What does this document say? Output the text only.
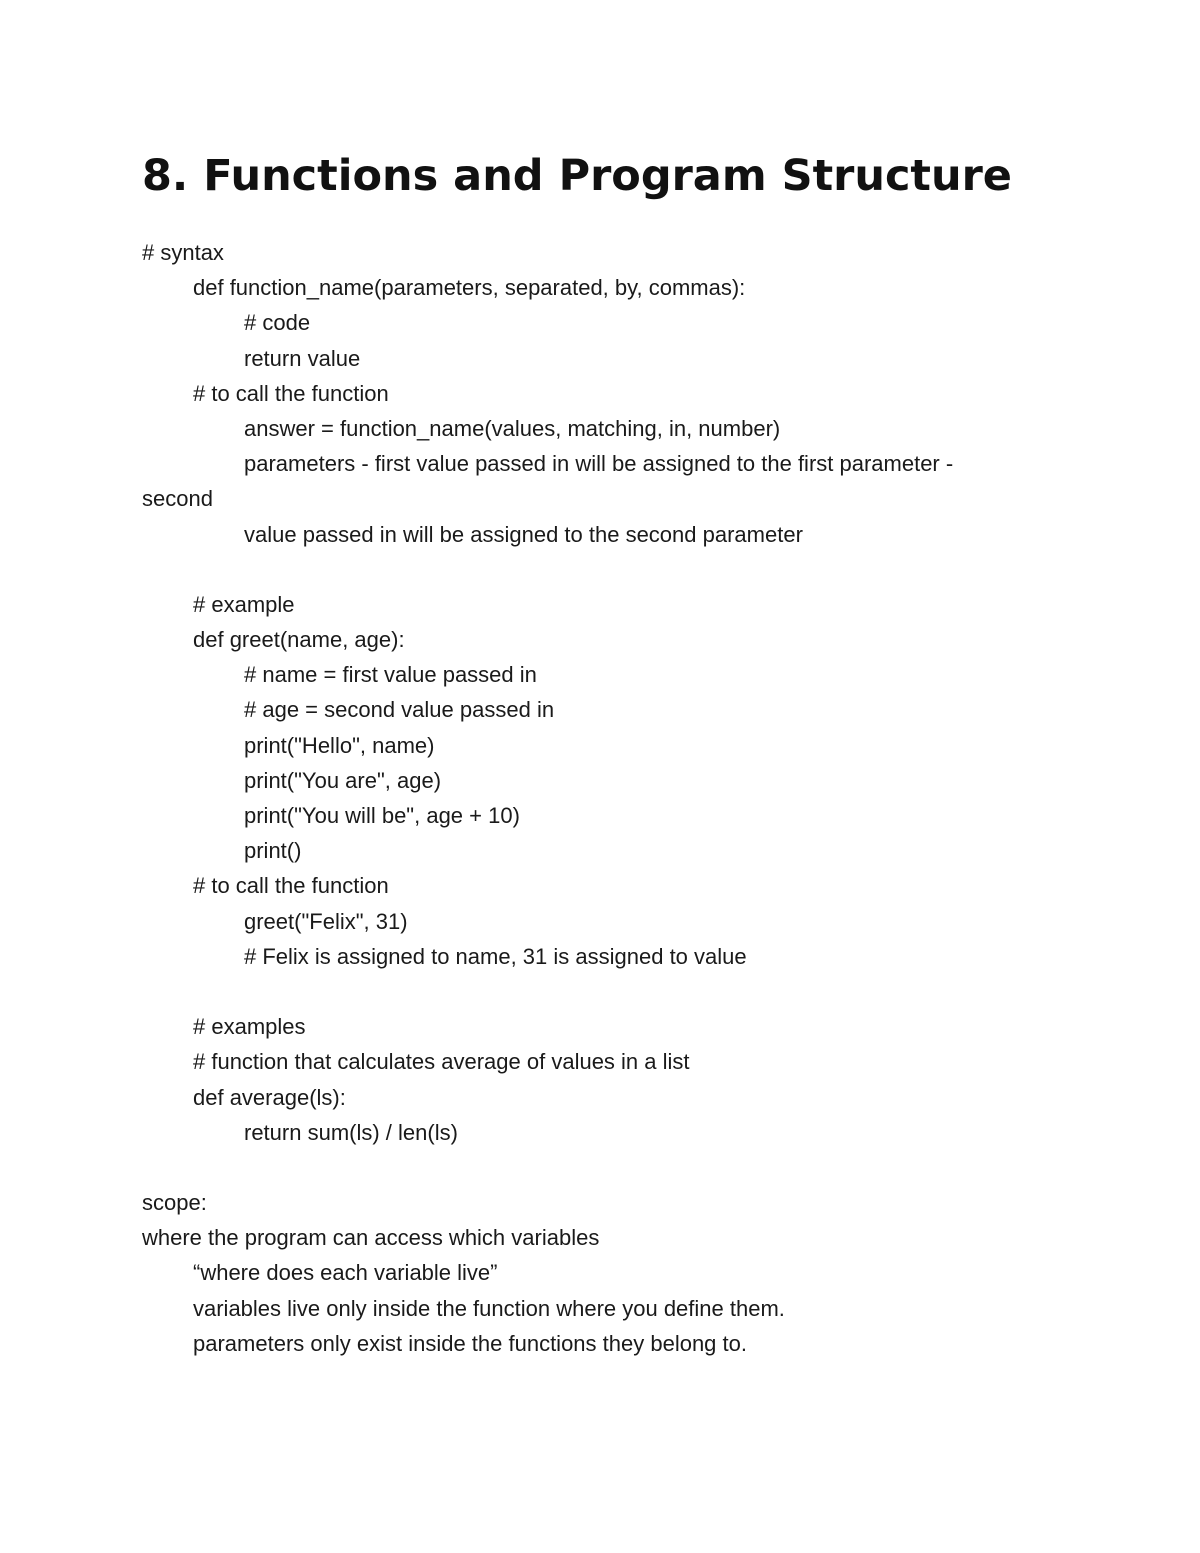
8. Functions and Program Structure
# syntax
def function_name(parameters, separated, by, commas):
# code
return value
# to call the function
answer = function_name(values, matching, in, number)
parameters - first value passed in will be assigned to the first parameter -
second
value passed in will be assigned to the second parameter
# example
def greet(name, age):
# name = first value passed in
# age = second value passed in
print("Hello", name)
print("You are", age)
print("You will be", age + 10)
print()
# to call the function
greet("Felix", 31)
# Felix is assigned to name, 31 is assigned to value
# examples
# function that calculates average of values in a list
def average(ls):
return sum(ls) / len(ls)
scope:
where the program can access which variables
“where does each variable live”
variables live only inside the function where you define them.
parameters only exist inside the functions they belong to.
